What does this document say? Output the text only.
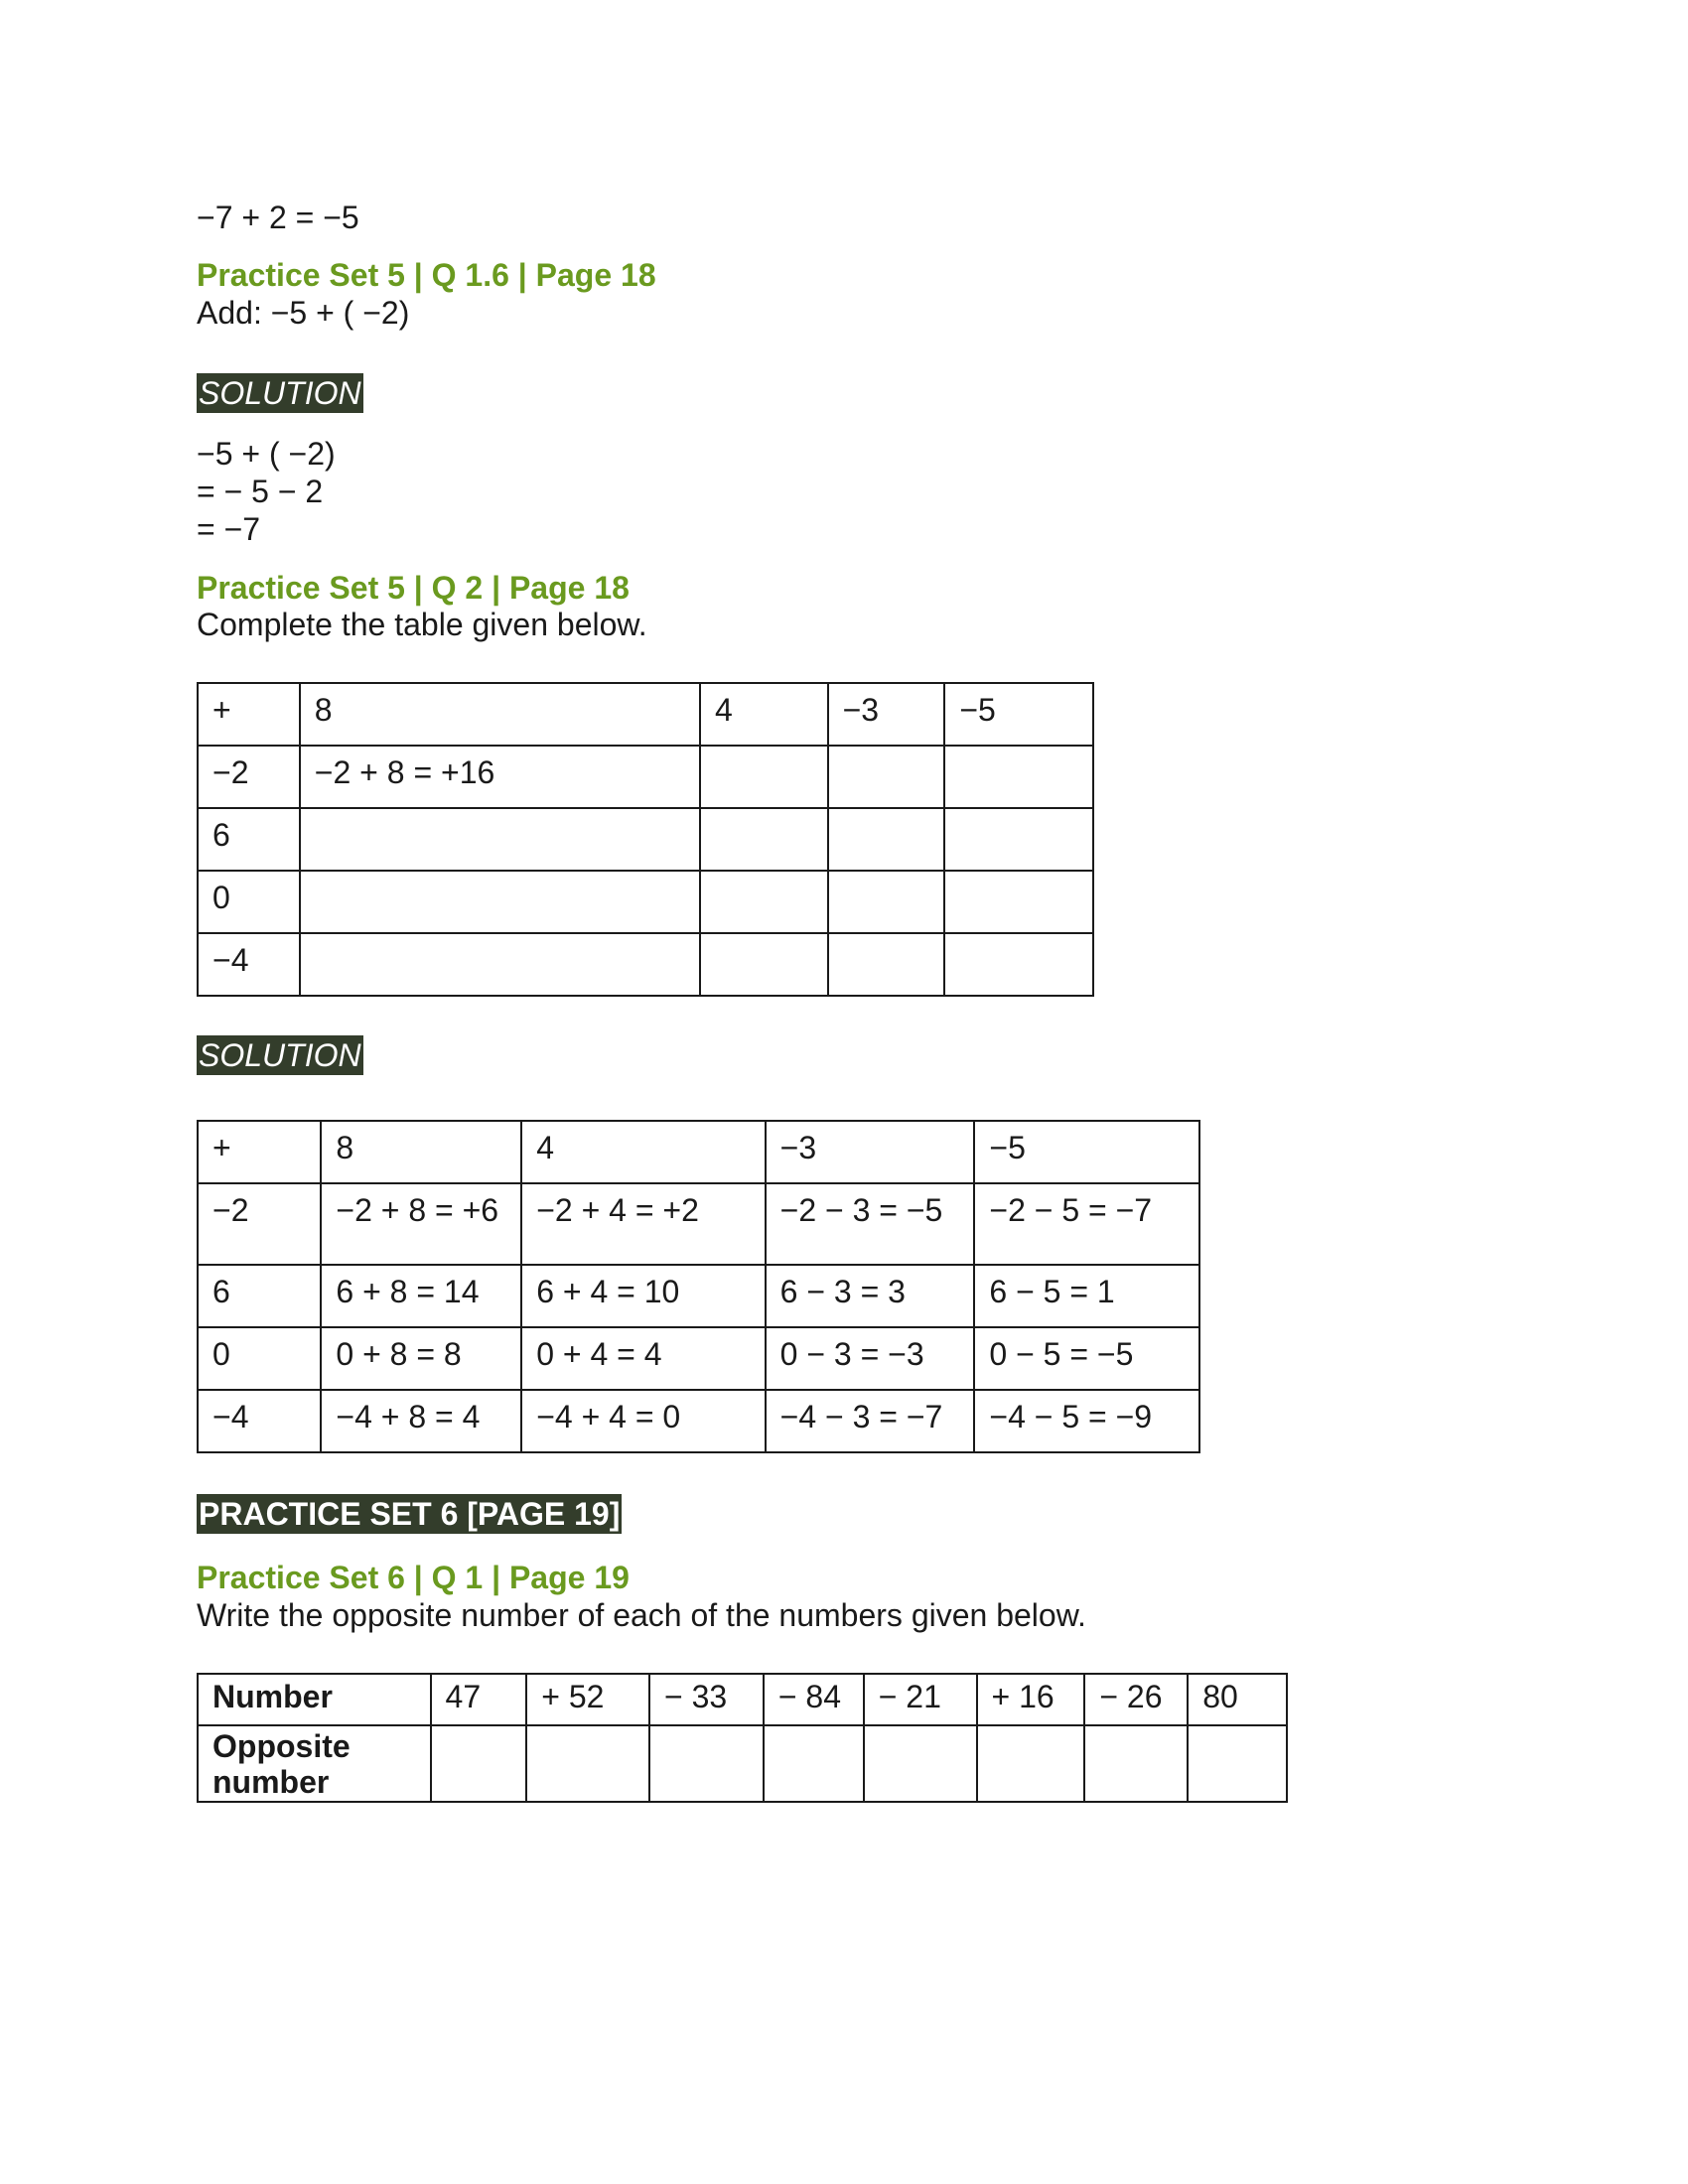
−7 + 2 = −5
Practice Set 5 | Q 1.6 | Page 18
Add: −5 + ( −2)
SOLUTION
−5 + ( −2)
= − 5 − 2
= −7
Practice Set 5 | Q 2 | Page 18
Complete the table given below.
+	8	4	−3	−5
−2	−2 + 8 = +16			
6				
0				
−4				
SOLUTION
+	8	4	−3	−5
−2	−2 + 8 = +6	−2 + 4 = +2	−2 − 3 = −5	−2 − 5 = −7
6	6 + 8 = 14	6 + 4 = 10	6 − 3 = 3	6 − 5 = 1
0	0 + 8 = 8	0 + 4 = 4	0 − 3 = −3	0 − 5 = −5
−4	−4 + 8 = 4	−4 + 4 = 0	−4 − 3 = −7	−4 − 5 = −9
PRACTICE SET 6 [PAGE 19]
Practice Set 6 | Q 1 | Page 19
Write the opposite number of each of the numbers given below.
Number	47	+ 52	− 33	− 84	− 21	+ 16	− 26	80
Opposite number								
